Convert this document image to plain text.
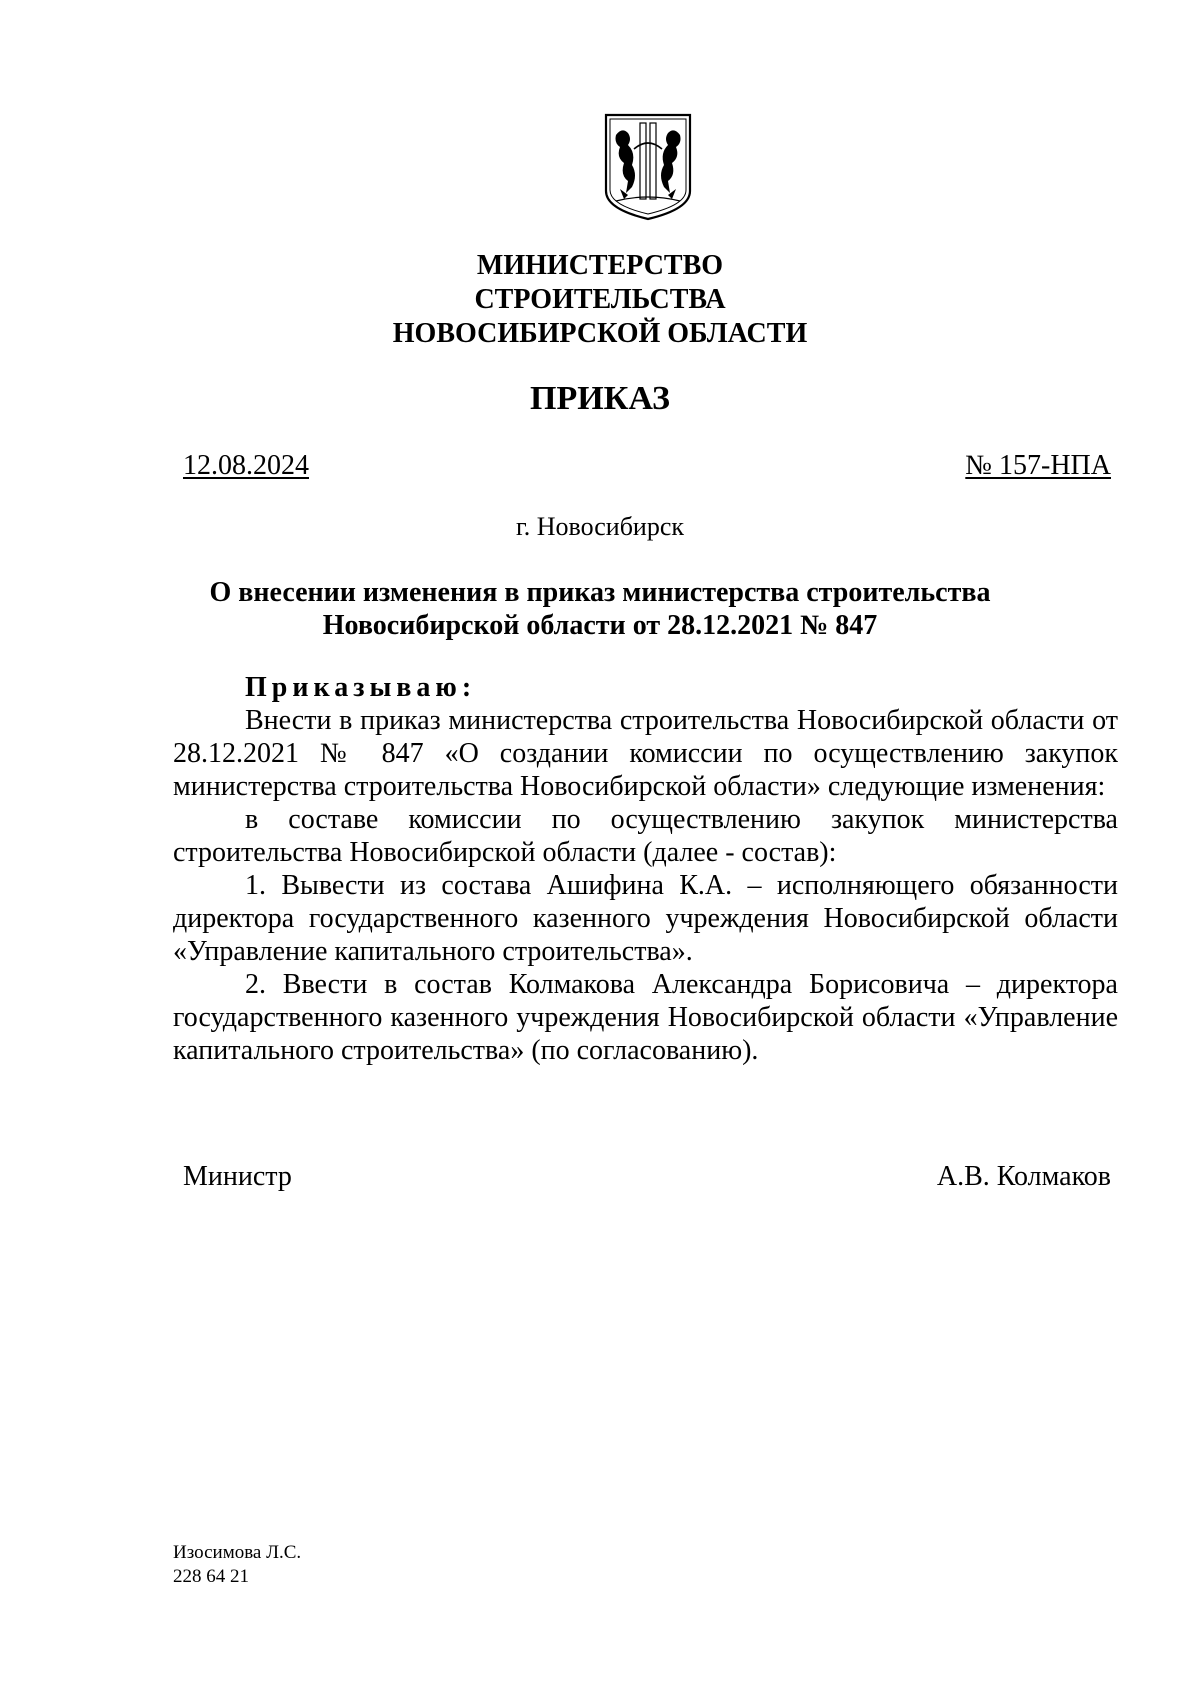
МИНИСТЕРСТВО
СТРОИТЕЛЬСТВА
НОВОСИБИРСКОЙ ОБЛАСТИ
ПРИКАЗ
12.08.2024	№ 157-НПА
г. Новосибирск
О внесении изменения в приказ министерства строительства
Новосибирской области от 28.12.2021 № 847
Приказываю:

Внести в приказ министерства строительства Новосибирской области от 28.12.2021 № 847 «О создании комиссии по осуществлению закупок министерства строительства Новосибирской области» следующие изменения:

в составе комиссии по осуществлению закупок министерства строительства Новосибирской области (далее - состав):

1. Вывести из состава Ашифина К.А. – исполняющего обязанности директора государственного казенного учреждения Новосибирской области «Управление капитального строительства».

2. Ввести в состав Колмакова Александра Борисовича – директора государственного казенного учреждения Новосибирской области «Управление капитального строительства» (по согласованию).

Министр	А.В. Колмаков
Изосимова Л.С.
228 64 21
